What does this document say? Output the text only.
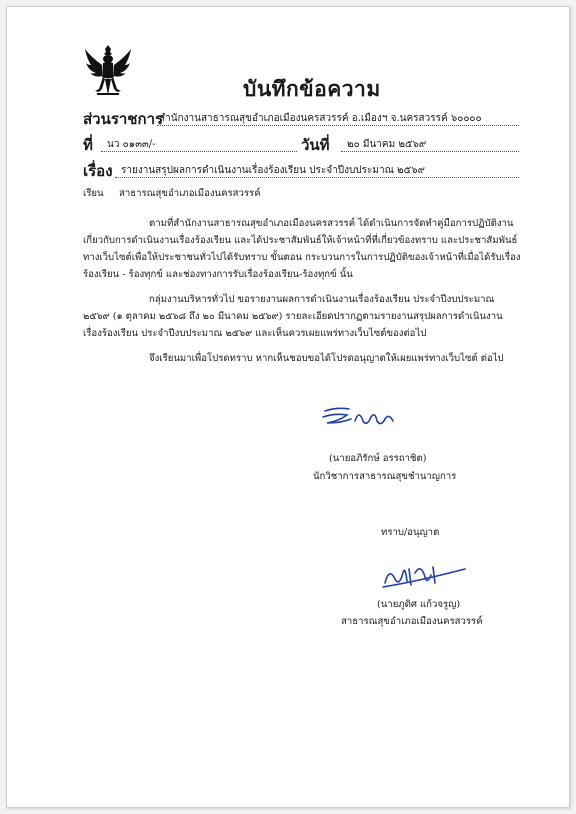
บันทึกข้อความ
ส่วนราชการ
สำนักงานสาธารณสุขอำเภอเมืองนครสวรรค์ อ.เมืองฯ จ.นครสวรรค์ ๖๐๐๐๐
ที่ นว ๐๑๓๓/-	วันที่ ๒๐ มีนาคม ๒๕๖๙
เรื่อง รายงานสรุปผลการดำเนินงานเรื่องร้องเรียน ประจำปีงบประมาณ ๒๕๖๙
เรียน สาธารณสุขอำเภอเมืองนครสวรรค์
ตามที่สำนักงานสาธารณสุขอำเภอเมืองนครสวรรค์ ได้ดำเนินการจัดทำคู่มือการปฏิบัติงาน
เกี่ยวกับการดำเนินงานเรื่องร้องเรียน และได้ประชาสัมพันธ์ให้เจ้าหน้าที่ที่เกี่ยวข้องทราบ และประชาสัมพันธ์
ทางเว็บไซต์เพื่อให้ประชาชนทั่วไปได้รับทราบ ขั้นตอน กระบวนการในการปฏิบัติของเจ้าหน้าที่เมื่อได้รับเรื่อง
ร้องเรียน - ร้องทุกข์ และช่องทางการรับเรื่องร้องเรียน-ร้องทุกข์ นั้น
กลุ่มงานบริหารทั่วไป ขอรายงานผลการดำเนินงานเรื่องร้องเรียน ประจำปีงบประมาณ
๒๕๖๙ (๑ ตุลาคม ๒๕๖๘ ถึง ๒๐ มีนาคม ๒๕๖๙) รายละเอียดปรากฏตามรายงานสรุปผลการดำเนินงาน
เรื่องร้องเรียน ประจำปีงบประมาณ ๒๕๖๙ และเห็นควรเผยแพร่ทางเว็บไซต์ของต่อไป
จึงเรียนมาเพื่อโปรดทราบ หากเห็นชอบขอได้โปรดอนุญาตให้เผยแพร่ทางเว็บไซต์ ต่อไป
(นายอภิรักษ์ อรรถาชิต)
นักวิชาการสาธารณสุขชำนาญการ
ทราบ/อนุญาต
(นายภูดิศ แก้วจรูญ)
สาธารณสุขอำเภอเมืองนครสวรรค์
